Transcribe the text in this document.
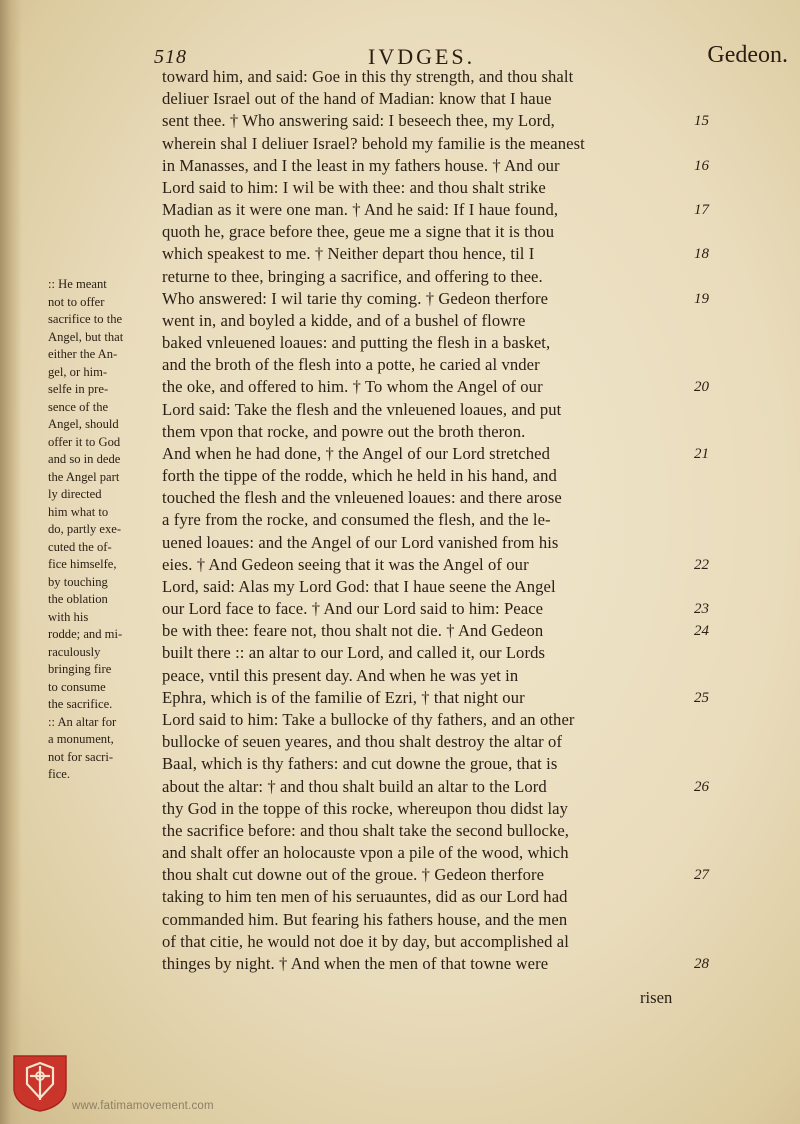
518	IVDGES.	Gedeon.
:: He meant
not to offer
sacrifice to the
Angel, but that
either the An-
gel, or him-
selfe in pre-
sence of the
Angel, should
offer it to God
and so in dede
the Angel part
ly directed
him what to
do, partly exe-
cuted the of-
fice himselfe,
by touching
the oblation
with his
rodde; and mi-
raculously
bringing fire
to consume
the sacrifice.
:: An altar for
a monument,
not for sacri-
fice.
toward him, and said: Goe in this thy strength, and thou shalt
deliuer Israel out of the hand of Madian: know that I haue
sent thee. † Who answering said: I beseech thee, my Lord,
wherein shal I deliuer Israel? behold my familie is the meanest
in Manasses, and I the least in my fathers house. † And our
Lord said to him: I wil be with thee: and thou shalt strike
Madian as it were one man. † And he said: If I haue found,
quoth he, grace before thee, geue me a signe that it is thou
which speakest to me. † Neither depart thou hence, til I
returne to thee, bringing a sacrifice, and offering to thee.
Who answered: I wil tarie thy coming. † Gedeon therfore
went in, and boyled a kidde, and of a bushel of flowre
baked vnleuened loaues: and putting the flesh in a basket,
and the broth of the flesh into a potte, he caried al vnder
the oke, and offered to him. † To whom the Angel of our
Lord said: Take the flesh and the vnleuened loaues, and put
them vpon that rocke, and powre out the broth theron.
And when he had done, † the Angel of our Lord stretched
forth the tippe of the rodde, which he held in his hand, and
touched the flesh and the vnleuened loaues: and there arose
a fyre from the rocke, and consumed the flesh, and the le-
uened loaues: and the Angel of our Lord vanished from his
eies. † And Gedeon seeing that it was the Angel of our
Lord, said: Alas my Lord God: that I haue seene the Angel
our Lord face to face. † And our Lord said to him: Peace
be with thee: feare not, thou shalt not die. † And Gedeon
built there :: an altar to our Lord, and called it, our Lords
peace, vntil this present day. And when he was yet in
Ephra, which is of the familie of Ezri, † that night our
Lord said to him: Take a bullocke of thy fathers, and an other
bullocke of seuen yeares, and thou shalt destroy the altar of
Baal, which is thy fathers: and cut downe the groue, that is
about the altar: † and thou shalt build an altar to the Lord
thy God in the toppe of this rocke, whereupon thou didst lay
the sacrifice before: and thou shalt take the second bullocke,
and shalt offer an holocauste vpon a pile of the wood, which
thou shalt cut downe out of the groue. † Gedeon therfore
taking to him ten men of his seruauntes, did as our Lord had
commanded him. But fearing his fathers house, and the men
of that citie, he would not doe it by day, but accomplished al
thinges by night. † And when the men of that towne were
15
16
17
18
19
20
21
22
23
24
25
26
27
28
risen
www.fatimamovement.com
